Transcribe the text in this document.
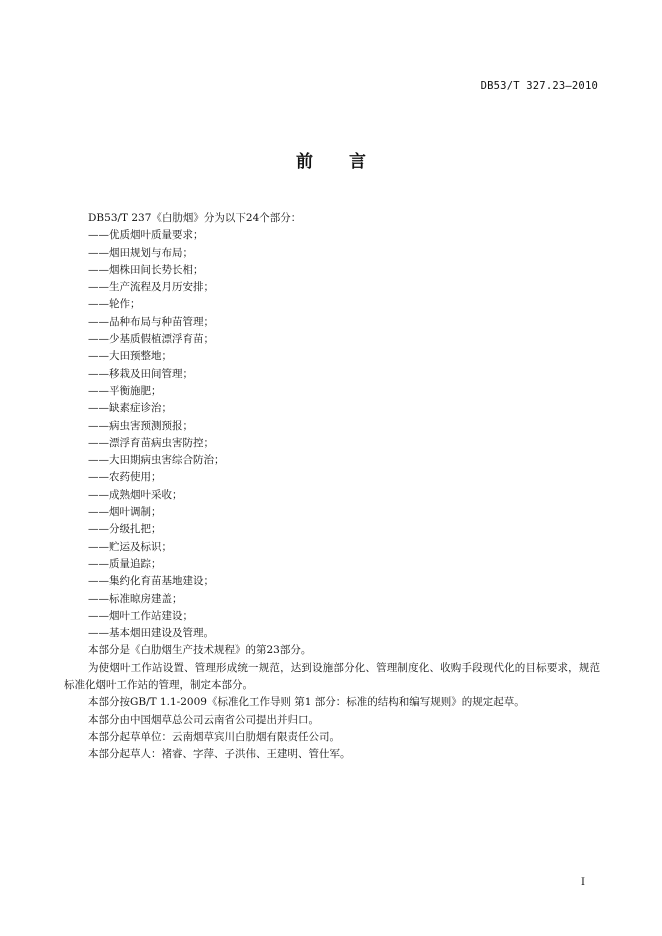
DB53/T 327.23—2010
前言

DB53/T 237《白肋烟》分为以下24个部分：

——优质烟叶质量要求；

——烟田规划与布局；

——烟株田间长势长相；

——生产流程及月历安排；

——轮作；

——品种布局与种苗管理；

——少基质假植漂浮育苗；

——大田预整地；

——移栽及田间管理；

——平衡施肥；

——缺素症诊治；

——病虫害预测预报；

——漂浮育苗病虫害防控；

——大田期病虫害综合防治；

——农药使用；

——成熟烟叶采收；

——烟叶调制；

——分级扎把；

——贮运及标识；

——质量追踪；

——集约化育苗基地建设；

——标准晾房建盖；

——烟叶工作站建设；

——基本烟田建设及管理。

本部分是《白肋烟生产技术规程》的第23部分。

为使烟叶工作站设置、管理形成统一规范，达到设施部分化、管理制度化、收购手段现代化的目标要求，规范标准化烟叶工作站的管理，制定本部分。

本部分按GB/T 1.1-2009《标准化工作导则 第1 部分：标准的结构和编写规则》的规定起草。

本部分由中国烟草总公司云南省公司提出并归口。

本部分起草单位：云南烟草宾川白肋烟有限责任公司。

本部分起草人：褚睿、字萍、子洪伟、王建明、管仕军。

I
